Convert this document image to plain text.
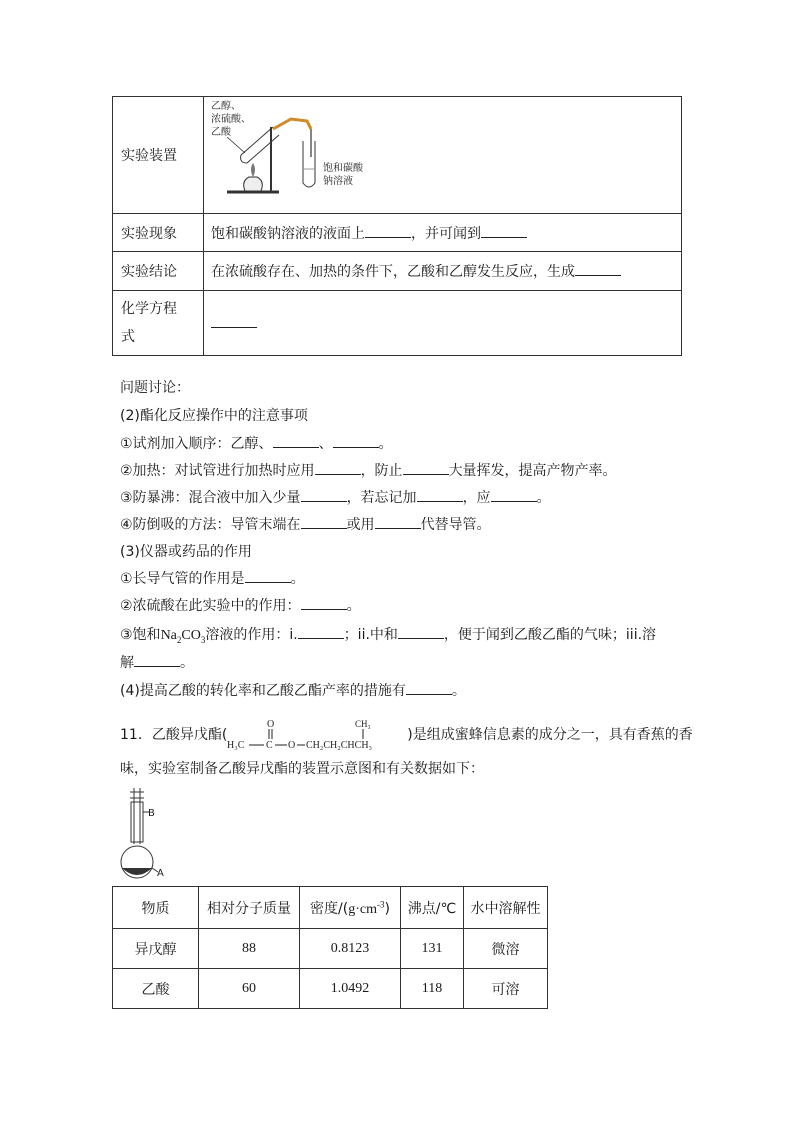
实验装置	乙醇、
浓硫酸、
乙酸
饱和碳酸
钠溶液

实验现象	饱和碳酸钠溶液的液面上 ，并可闻到
实验结论	在浓硫酸存在、加热的条件下，乙酸和乙醇发生反应，生成
化学方程
式	
问题讨论：
(2)酯化反应操作中的注意事项
①试剂加入顺序：乙醇、	、	。
②加热：对试管进行加热时应用	，防止	大量挥发，提高产物产率。
③防暴沸：混合液中加入少量	，若忘记加	，应	。
④防倒吸的方法：导管末端在	或用	代替导管。
(3)仪器或药品的作用
①长导气管的作用是	。
②浓硫酸在此实验中的作用：	。
③饱和$Na_2CO_3$溶液的作用：i.	；ii.中和	，便于闻到乙酸乙酯的气味；iii.溶
解	。
(4)提高乙酸的转化率和乙酸乙酯产率的措施有	。
11．乙酸异戊酯(
O
H₃C C O CH₂CH₂CHCH₃
CH₃
)是组成蜜蜂信息素的成分之一，具有香蕉的香
味，实验室制备乙酸异戊酯的装置示意图和有关数据如下：
B
A
物质	相对分子质量	密度$/(g\cdot cm^{-3})$	沸点/℃	水中溶解性
异戊醇	88	0.8123	131	微溶
乙酸	60	1.0492	118	可溶
